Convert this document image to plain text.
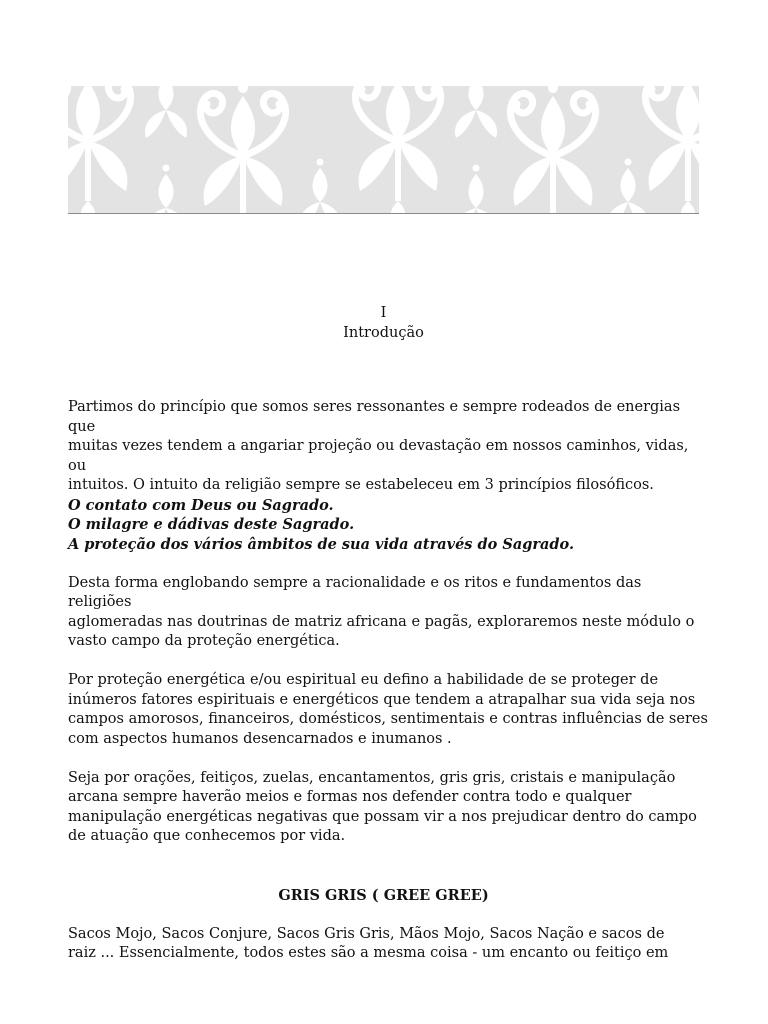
I
Introdução

Partimos do princípio que somos seres ressonantes e sempre rodeados de energias que

muitas vezes tendem a angariar projeção ou devastação em nossos caminhos, vidas, ou

intuitos. O intuito da religião sempre se estabeleceu em 3 princípios filosóficos.

O contato com Deus ou Sagrado.

O milagre e dádivas deste Sagrado.

A proteção dos vários âmbitos de sua vida através do Sagrado.

Desta forma englobando sempre a racionalidade e os ritos e fundamentos das religiões

aglomeradas nas doutrinas de matriz africana e pagãs, exploraremos neste módulo o

vasto campo da proteção energética.

Por proteção energética e/ou espiritual eu defino a habilidade de se proteger de

inúmeros fatores espirituais e energéticos que tendem a atrapalhar sua vida seja nos

campos amorosos, financeiros, domésticos, sentimentais e contras influências de seres

com aspectos humanos desencarnados e inumanos .

Seja por orações, feitiços, zuelas, encantamentos, gris gris, cristais e manipulação

arcana sempre haverão meios e formas nos defender contra todo e qualquer

manipulação energéticas negativas que possam vir a nos prejudicar dentro do campo

de atuação que conhecemos por vida.

GRIS GRIS ( GREE GREE)

Sacos Mojo, Sacos Conjure, Sacos Gris Gris, Mãos Mojo, Sacos Nação e sacos de

raiz ... Essencialmente, todos estes são a mesma coisa - um encanto ou feitiço em
